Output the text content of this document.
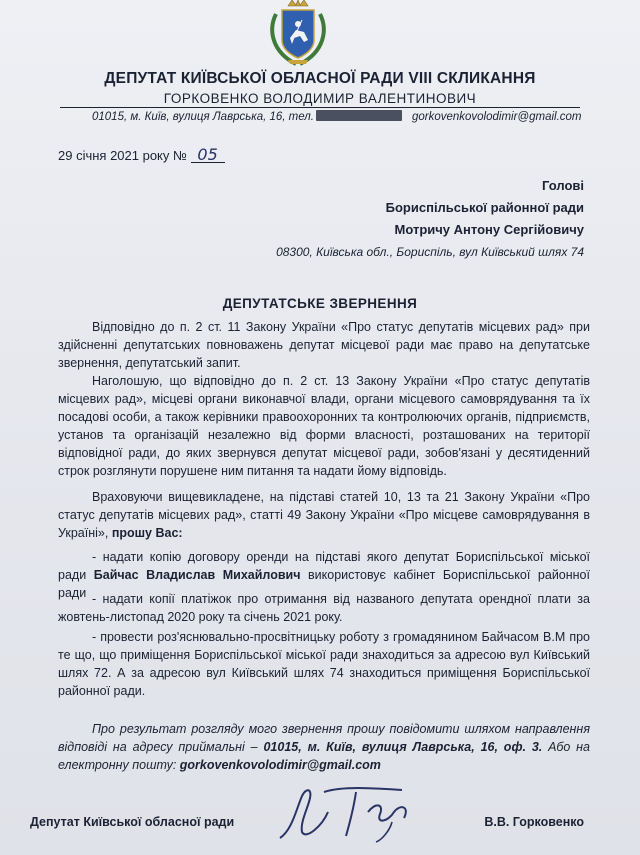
ДЕПУТАТ КИЇВСЬКОЇ ОБЛАСНОЇ РАДИ VIII СКЛИКАННЯ
ГОРКОВЕНКО ВОЛОДИМИР ВАЛЕНТИНОВИЧ
01015, м. Київ, вулиця Лаврська, 16, тел.	gorkovenkovolodimir@gmail.com
29 січня 2021 року № 05
Голові
Бориспільської районної ради
Мотричу Антону Сергійовичу
08300, Київська обл., Бориспіль, вул Київський шлях 74
ДЕПУТАТСЬКЕ ЗВЕРНЕННЯ
Відповідно до п. 2 ст. 11 Закону України «Про статус депутатів місцевих рад» при здійсненні депутатських повноважень депутат місцевої ради має право на депутатське звернення, депутатський запит.
Наголошую, що відповідно до п. 2 ст. 13 Закону України «Про статус депутатів місцевих рад», місцеві органи виконавчої влади, органи місцевого самоврядування та їх посадові особи, а також керівники правоохоронних та контролюючих органів, підприємств, установ та організацій незалежно від форми власності, розташованих на території відповідної ради, до яких звернувся депутат місцевої ради, зобов'язані у десятиденний строк розглянути порушене ним питання та надати йому відповідь.
Враховуючи вищевикладене, на підставі статей 10, 13 та 21 Закону України «Про статус депутатів місцевих рад», статті 49 Закону України «Про місцеве самоврядування в Україні», прошу Вас:
- надати копію договору оренди на підставі якого депутат Бориспільської міської ради Байчас Владислав Михайлович використовує кабінет Бориспільської районної ради - надати копії платіжок про отримання від названого депутата орендної плати за жовтень-листопад 2020 року та січень 2021 року.
- провести роз'яснювально-просвітницьку роботу з громадянином Байчасом В.М про те що, що приміщення Бориспільської міської ради знаходиться за адресою вул Київський шлях 72. А за адресою вул Київський шлях 74 знаходиться приміщення Бориспільської районної ради.
Про результат розгляду мого звернення прошу повідомити шляхом направлення відповіді на адресу приймальні – 01015, м. Київ, вулиця Лаврська, 16, оф. 3. Або на електронну пошту: gorkovenkovolodimir@gmail.com
Депутат Київської обласної ради	В.В. Горковенко
